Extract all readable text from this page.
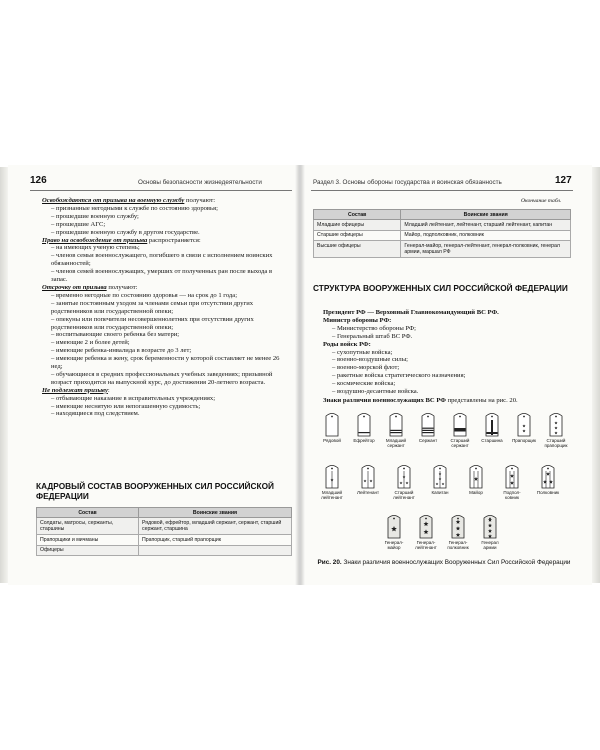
126	Основы безопасности жизнедеятельности

Освобождаются от призыва на военную службу получают:

– признанные негодными к службе по состоянию здоровья;

– прошедшие военную службу;

– прошедшие АГС;

– прошедшие военную службу в другом государстве.

Право на освобождение от призыва распространяется:

– на имеющих ученую степень;

– членов семьи военнослужащего, погибшего в связи с исполнением воинских обязанностей;

– членов семей военнослужащих, умерших от полученных ран после выхода в запас.

Отсрочку от призыва получают:

– временно негодные по состоянию здоровья — на срок до 1 года;

– занятые постоянным уходом за членами семьи при отсутствии других родственников или государственной опеки;

– опекуны или попечители несовершеннолетних при отсутствии других родственников или государственной опеки;

– воспитывающие своего ребенка без матери;

– имеющие 2 и более детей;

– имеющие ребенка-инвалида в возрасте до 3 лет;

– имеющие ребенка и жену, срок беременности у которой составляет не менее 26 нед;

– обучающиеся в средних профессиональных учебных заведениях; призывной возраст приходится на выпускной курс, до достижения 20-летнего возраста.

Не подлежат призыву:

– отбывающие наказание в исправительных учреждениях;

– имеющие неснятую или непогашенную судимость;

– находящиеся под следствием.

КАДРОВЫЙ СОСТАВ ВООРУЖЕННЫХ СИЛ РОССИЙСКОЙ ФЕДЕРАЦИИ
Состав	Воинские звания
Солдаты, матросы, сержанты, старшины	Рядовой, ефрейтор, младший сержант, сержант, старший сержант, старшина
Прапорщики и мичманы	Прапорщик, старший прапорщик
Офицеры	
Раздел 3. Основы обороны государства и воинская обязанность	127
Окончание табл.
Состав	Воинские звания
Младшие офицеры	Младший лейтенант, лейтенант, старший лейтенант, капитан
Старшие офицеры	Майор, подполковник, полковник
Высшие офицеры	Генерал-майор, генерал-лейтенант, генерал-полковник, генерал армии, маршал РФ
СТРУКТУРА ВООРУЖЕННЫХ СИЛ РОССИЙСКОЙ ФЕДЕРАЦИИ

Президент РФ — Верховный Главнокомандующий ВС РФ.

Министр обороны РФ:

– Министерство обороны РФ;

– Генеральный штаб ВС РФ.

Роды войск РФ:

– сухопутные войска;

– военно-воздушные силы;

– военно-морской флот;

– ракетные войска стратегического назначения;

– космические войска;

– воздушно-десантные войска.

Знаки различия военнослужащих ВС РФ представлены на рис. 20.

Рядовой	Ефрейтор	Младший сержант
Сержант	Старший сержант
Старшина	Прапорщик	Старший прапорщик
Младший лейтенант
Лейтенант	Старший лейтенант
Капитан	Майор	Подполковник
Полковник
Генерал-майор
Генерал-лейтенант
Генерал-полковник
Генерал армии

Рис. 20. Знаки различия военнослужащих Вооруженных Сил Российской Федерации
